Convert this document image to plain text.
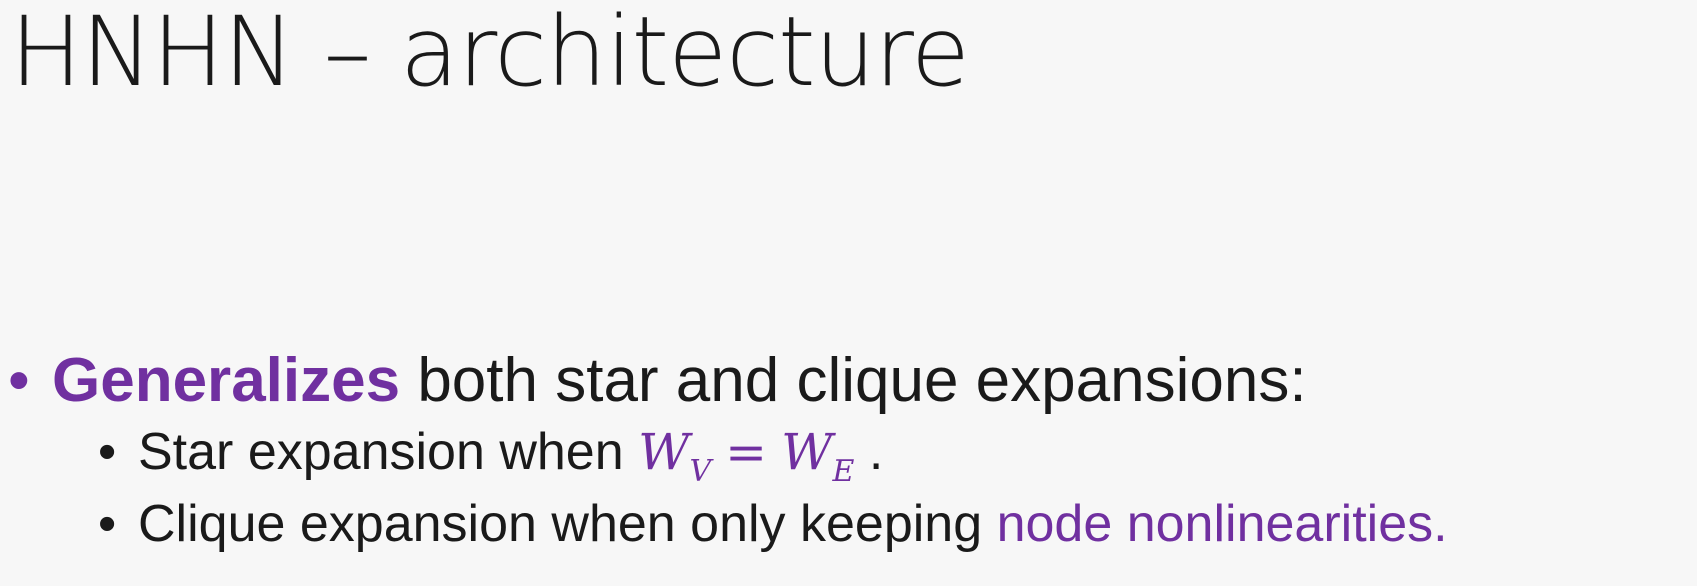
HNHN – architecture
• Generalizes both star and clique expansions:
• Star expansion when $W_V = W_E$ .
• Clique expansion when only keeping node nonlinearities.
